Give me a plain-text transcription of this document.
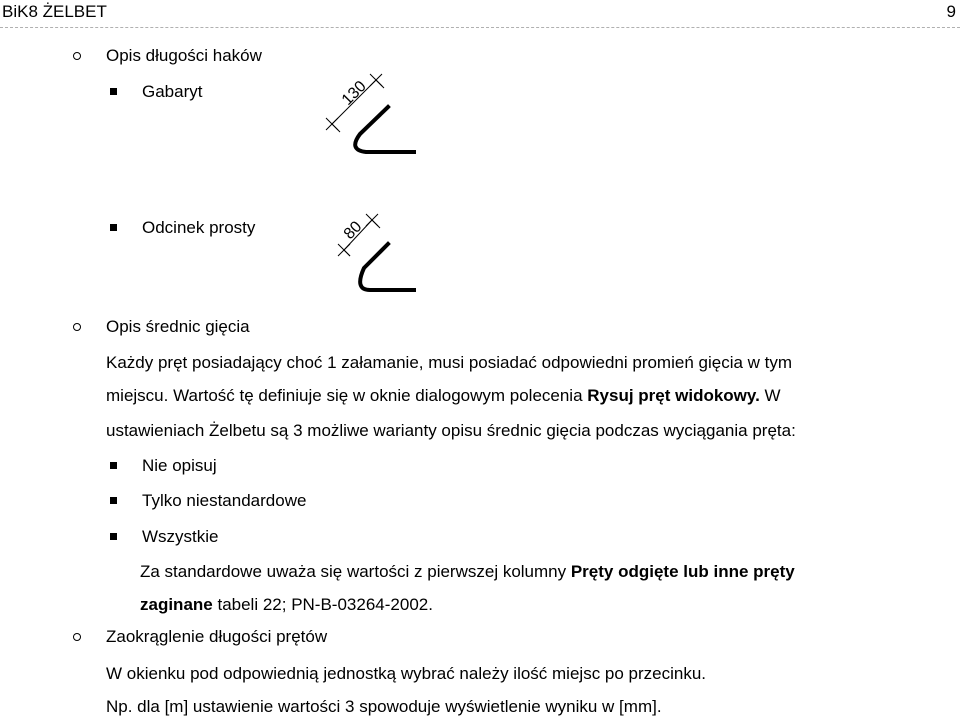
BiK8 ŻELBET	9
Opis długości haków
Gabaryt	130
Odcinek prosty	80
Opis średnic gięcia
Każdy pręt posiadający choć 1 załamanie, musi posiadać odpowiedni promień gięcia w tym
miejscu. Wartość tę definiuje się w oknie dialogowym polecenia Rysuj pręt widokowy. W
ustawieniach Żelbetu są 3 możliwe warianty opisu średnic gięcia podczas wyciągania pręta:
Nie opisuj
Tylko niestandardowe
Wszystkie
Za standardowe uważa się wartości z pierwszej kolumny Pręty odgięte lub inne pręty
zaginane tabeli 22; PN-B-03264-2002.
Zaokrąglenie długości prętów
W okienku pod odpowiednią jednostką wybrać należy ilość miejsc po przecinku.
Np. dla [m] ustawienie wartości 3 spowoduje wyświetlenie wyniku w [mm].
